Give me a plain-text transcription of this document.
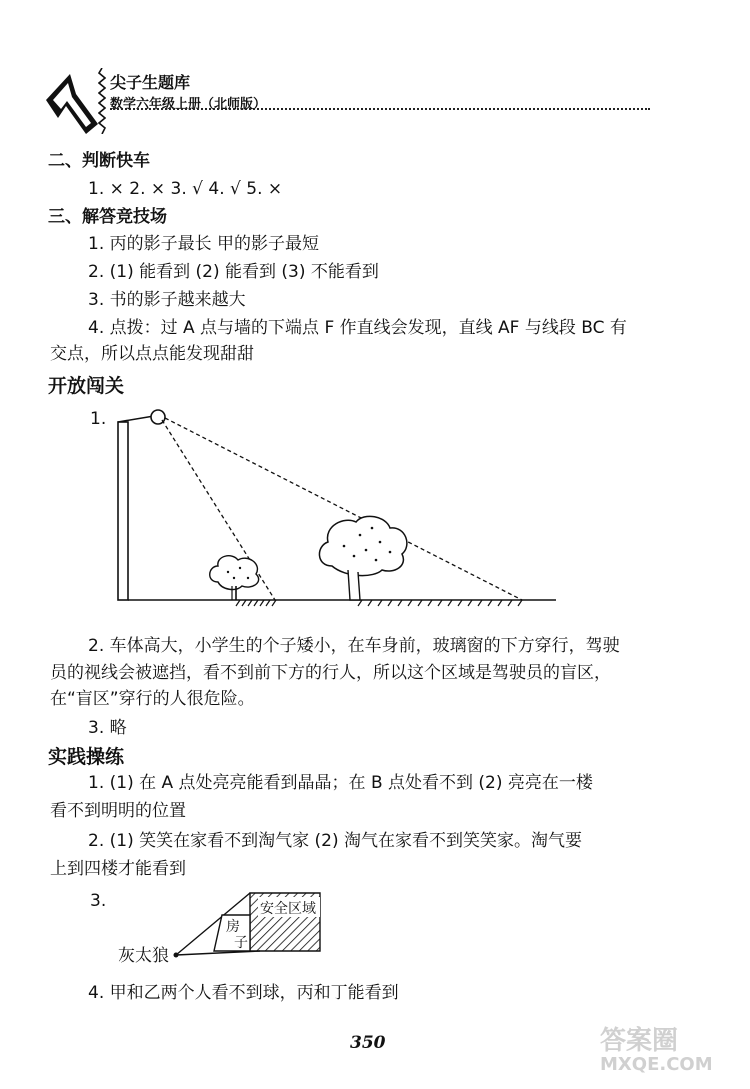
尖子生题库
数学六年级上册（北师版）
二、判断快车
1. × 2. × 3. √ 4. √ 5. ×
三、解答竞技场
1. 丙的影子最长 甲的影子最短
2. (1) 能看到 (2) 能看到 (3) 不能看到
3. 书的影子越来越大
4. 点拨：过 A 点与墙的下端点 F 作直线会发现，直线 AF 与线段 BC 有
交点，所以点点能发现甜甜
开放闯关
1.
2. 车体高大，小学生的个子矮小，在车身前，玻璃窗的下方穿行，驾驶
员的视线会被遮挡，看不到前下方的行人，所以这个区域是驾驶员的盲区，
在“盲区”穿行的人很危险。
3. 略
实践操练
1. (1) 在 A 点处亮亮能看到晶晶；在 B 点处看不到 (2) 亮亮在一楼
看不到明明的位置
2. (1) 笑笑在家看不到淘气家 (2) 淘气在家看不到笑笑家。淘气要
上到四楼才能看到
3.	安全区域
房
子
灰太狼
4. 甲和乙两个人看不到球，丙和丁能看到
350	答案圈
MXQE.COM
